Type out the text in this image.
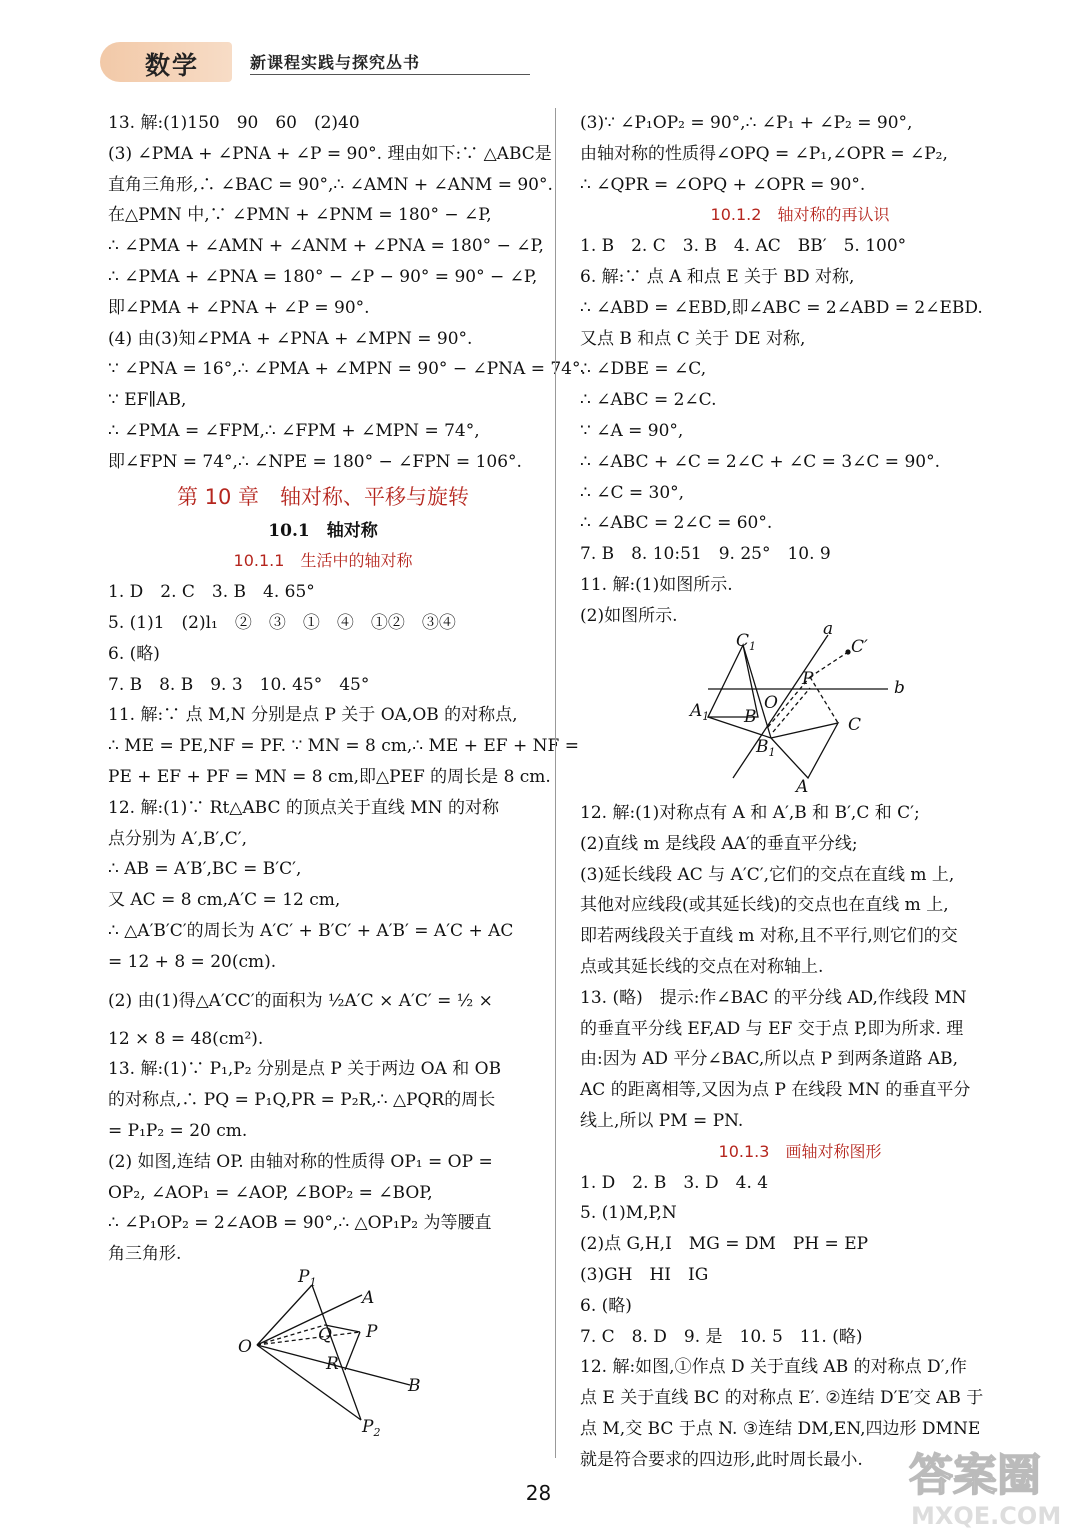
数学	新课程实践与探究丛书
13. 解:(1)150　90　60　(2)40
(3) ∠PMA + ∠PNA + ∠P = 90°. 理由如下:∵ △ABC是
直角三角形,∴ ∠BAC = 90°,∴ ∠AMN + ∠ANM = 90°.
在△PMN 中,∵ ∠PMN + ∠PNM = 180° − ∠P,
∴ ∠PMA + ∠AMN + ∠ANM + ∠PNA = 180° − ∠P,
∴ ∠PMA + ∠PNA = 180° − ∠P − 90° = 90° − ∠P,
即∠PMA + ∠PNA + ∠P = 90°.
(4) 由(3)知∠PMA + ∠PNA + ∠MPN = 90°.
∵ ∠PNA = 16°,∴ ∠PMA + ∠MPN = 90° − ∠PNA = 74°.
∵ EF∥AB,
∴ ∠PMA = ∠FPM,∴ ∠FPM + ∠MPN = 74°,
即∠FPN = 74°,∴ ∠NPE = 180° − ∠FPN = 106°.
第 10 章　轴对称、平移与旋转
10.1　轴对称
10.1.1　生活中的轴对称
1. D　2. C　3. B　4. 65°
5. (1)1　(2)l₁　②　③　①　④　①②　③④
6. (略)
7. B　8. B　9. 3　10. 45°　45°
11. 解:∵ 点 M,N 分别是点 P 关于 OA,OB 的对称点,
∴ ME = PE,NF = PF. ∵ MN = 8 cm,∴ ME + EF + NF =
PE + EF + PF = MN = 8 cm,即△PEF 的周长是 8 cm.
12. 解:(1)∵ Rt△ABC 的顶点关于直线 MN 的对称
点分别为 A′,B′,C′,
∴ AB = A′B′,BC = B′C′,
又 AC = 8 cm,A′C = 12 cm,
∴ △A′B′C′的周长为 A′C′ + B′C′ + A′B′ = A′C + AC
= 12 + 8 = 20(cm).
(2) 由(1)得△A′CC′的面积为 ½A′C × A′C′ = ½ ×
12 × 8 = 48(cm²).
13. 解:(1)∵ P₁,P₂ 分别是点 P 关于两边 OA 和 OB
的对称点,∴ PQ = P₁Q,PR = P₂R,∴ △PQR的周长
= P₁P₂ = 20 cm.
(2) 如图,连结 OP. 由轴对称的性质得 OP₁ = OP =
OP₂, ∠AOP₁ = ∠AOP, ∠BOP₂ = ∠BOP,
∴ ∠P₁OP₂ = 2∠AOB = 90°,∴ △OP₁P₂ 为等腰直
角三角形.
$P_1$
A
Q P
R
O
B
$P_2$
(3)∵ ∠P₁OP₂ = 90°,∴ ∠P₁ + ∠P₂ = 90°,
由轴对称的性质得∠OPQ = ∠P₁,∠OPR = ∠P₂,
∴ ∠QPR = ∠OPQ + ∠OPR = 90°.
10.1.2　轴对称的再认识
1. B　2. C　3. B　4. AC　BB′　5. 100°
6. 解:∵ 点 A 和点 E 关于 BD 对称,
∴ ∠ABD = ∠EBD,即∠ABC = 2∠ABD = 2∠EBD.
又点 B 和点 C 关于 DE 对称,
∴ ∠DBE = ∠C,
∴ ∠ABC = 2∠C.
∵ ∠A = 90°,
∴ ∠ABC + ∠C = 2∠C + ∠C = 3∠C = 90°.
∴ ∠C = 30°,
∴ ∠ABC = 2∠C = 60°.
7. B　8. 10:51　9. 25°　10. 9
11. 解:(1)如图所示.
(2)如图所示.
$C_1$
a
C′
b
P
O
$A_1$ B	C
$B_1$
A
12. 解:(1)对称点有 A 和 A′,B 和 B′,C 和 C′;
(2)直线 m 是线段 AA′的垂直平分线;
(3)延长线段 AC 与 A′C′,它们的交点在直线 m 上,
其他对应线段(或其延长线)的交点也在直线 m 上,
即若两线段关于直线 m 对称,且不平行,则它们的交
点或其延长线的交点在对称轴上.
13. (略)　提示:作∠BAC 的平分线 AD,作线段 MN
的垂直平分线 EF,AD 与 EF 交于点 P,即为所求. 理
由:因为 AD 平分∠BAC,所以点 P 到两条道路 AB,
AC 的距离相等,又因为点 P 在线段 MN 的垂直平分
线上,所以 PM = PN.
10.1.3　画轴对称图形
1. D　2. B　3. D　4. 4
5. (1)M,P,N
(2)点 G,H,I　MG = DM　PH = EP
(3)GH　HI　IG
6. (略)
7. C　8. D　9. 是　10. 5　11. (略)
12. 解:如图,①作点 D 关于直线 AB 的对称点 D′,作
点 E 关于直线 BC 的对称点 E′. ②连结 D′E′交 AB 于
点 M,交 BC 于点 N. ③连结 DM,EN,四边形 DMNE
就是符合要求的四边形,此时周长最小.
28	答案圈
MXQE.COM
